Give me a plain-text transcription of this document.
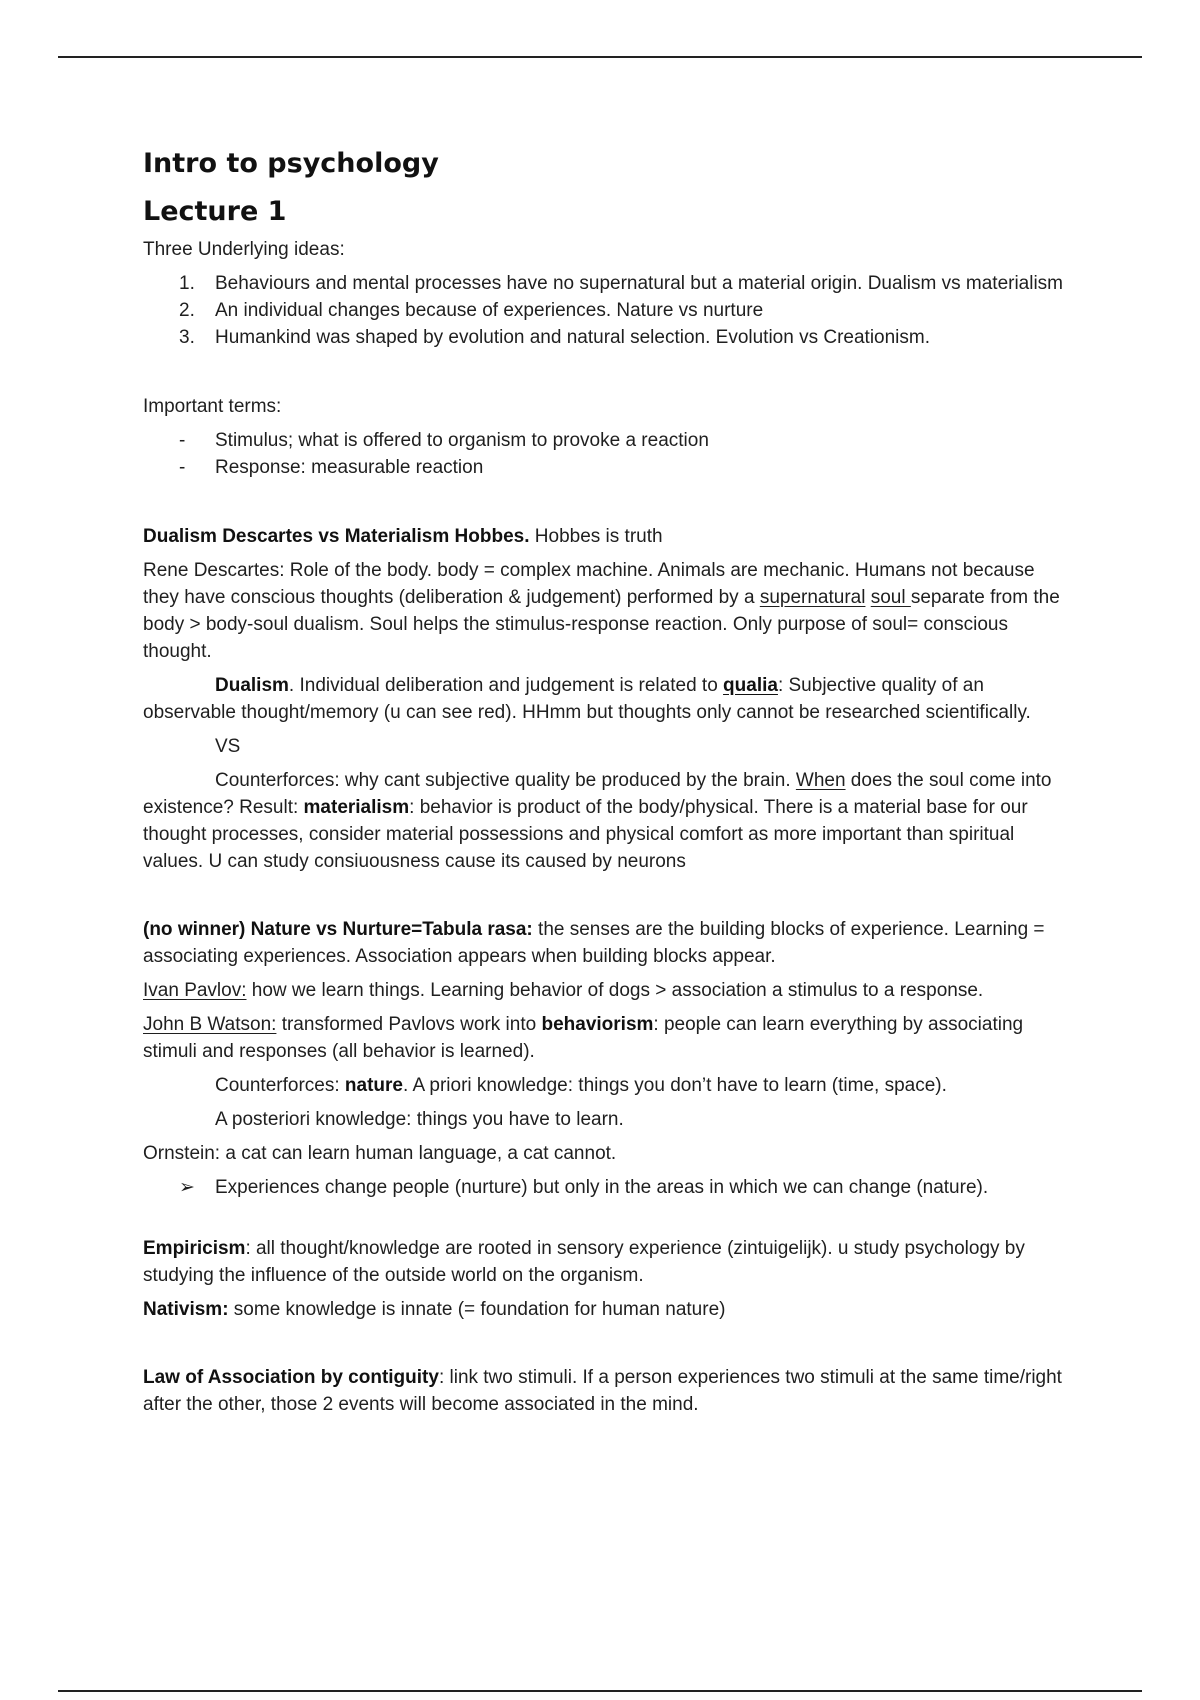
Intro to psychology
Lecture 1

Three Underlying ideas:

1. Behaviours and mental processes have no supernatural but a material origin. Dualism vs materialism
2. An individual changes because of experiences. Nature vs nurture
3. Humankind was shaped by evolution and natural selection. Evolution vs Creationism.

Important terms:

- Stimulus; what is offered to organism to provoke a reaction
- Response: measurable reaction

Dualism Descartes vs Materialism Hobbes. Hobbes is truth

Rene Descartes: Role of the body. body = complex machine. Animals are mechanic. Humans not because they have conscious thoughts (deliberation & judgement) performed by a supernatural soul separate from the body > body-soul dualism. Soul helps the stimulus-response reaction. Only purpose of soul= conscious thought.

Dualism. Individual deliberation and judgement is related to qualia: Subjective quality of an observable thought/memory (u can see red). HHmm but thoughts only cannot be researched scientifically.

VS

Counterforces: why cant subjective quality be produced by the brain. When does the soul come into existence? Result: materialism: behavior is product of the body/physical. There is a material base for our thought processes, consider material possessions and physical comfort as more important than spiritual values. U can study consiuousness cause its caused by neurons

(no winner) Nature vs Nurture=Tabula rasa: the senses are the building blocks of experience. Learning = associating experiences. Association appears when building blocks appear.

Ivan Pavlov: how we learn things. Learning behavior of dogs > association a stimulus to a response.

John B Watson: transformed Pavlovs work into behaviorism: people can learn everything by associating stimuli and responses (all behavior is learned).

Counterforces: nature. A priori knowledge: things you don’t have to learn (time, space).

A posteriori knowledge: things you have to learn.

Ornstein: a cat can learn human language, a cat cannot.

➢ Experiences change people (nurture) but only in the areas in which we can change (nature).

Empiricism: all thought/knowledge are rooted in sensory experience (zintuigelijk). u study psychology by studying the influence of the outside world on the organism.

Nativism: some knowledge is innate (= foundation for human nature)

Law of Association by contiguity: link two stimuli. If a person experiences two stimuli at the same time/right after the other, those 2 events will become associated in the mind.
